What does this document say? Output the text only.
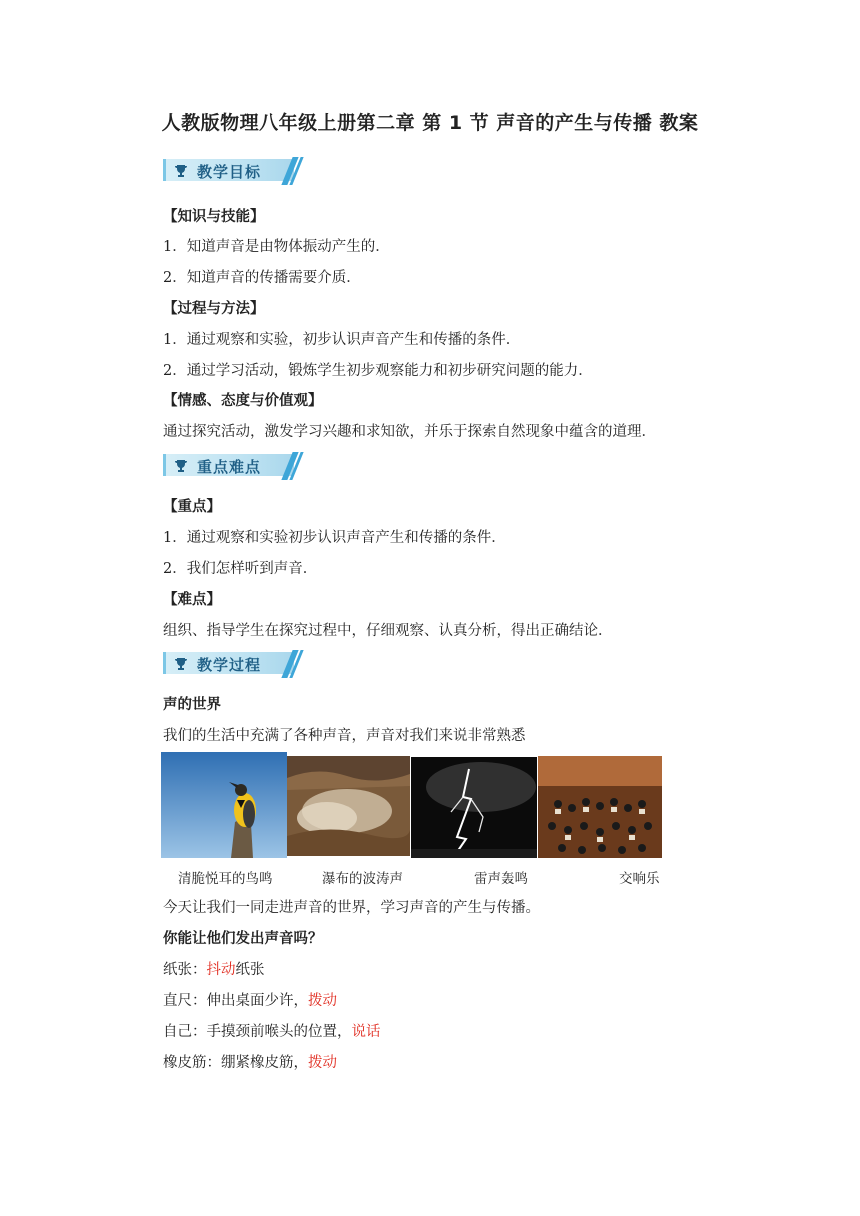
人教版物理八年级上册第二章 第 1 节 声音的产生与传播 教案
教学目标
【知识与技能】
1．知道声音是由物体振动产生的．
2．知道声音的传播需要介质．
【过程与方法】
1．通过观察和实验，初步认识声音产生和传播的条件．
2．通过学习活动，锻炼学生初步观察能力和初步研究问题的能力．
【情感、态度与价值观】
通过探究活动，激发学习兴趣和求知欲，并乐于探索自然现象中蕴含的道理．
重点难点
【重点】
1．通过观察和实验初步认识声音产生和传播的条件．
2．我们怎样听到声音．
【难点】
组织、指导学生在探究过程中，仔细观察、认真分析，得出正确结论．
教学过程
声的世界
我们的生活中充满了各种声音，声音对我们来说非常熟悉
清脆悦耳的鸟鸣	瀑布的波涛声	雷声轰鸣	交响乐
今天让我们一同走进声音的世界，学习声音的产生与传播。
你能让他们发出声音吗？
纸张：抖动纸张
直尺：伸出桌面少许，拨动
自己：手摸颈前喉头的位置，说话
橡皮筋：绷紧橡皮筋，拨动
